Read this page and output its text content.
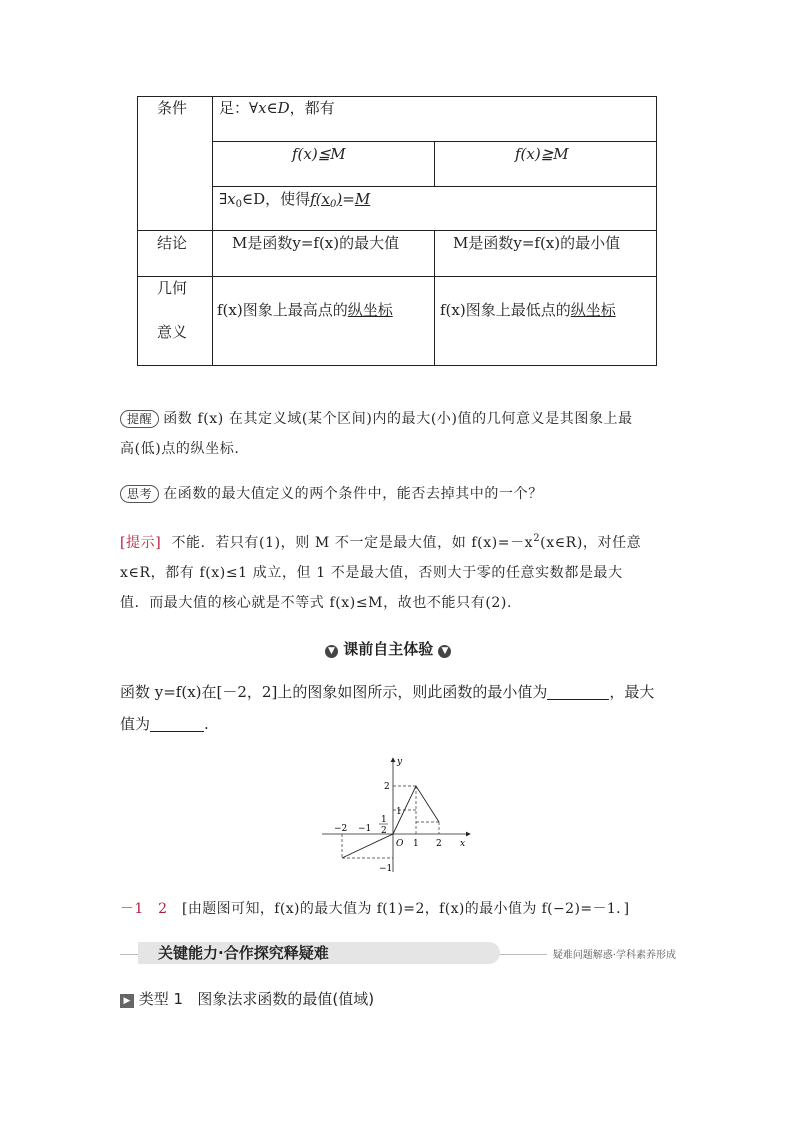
条件 足：∀x∈D，都有
f(x)≦M	f(x)≧M
$\exists x_0\in D$，使得$f(x_0)=M$
结论	M是函数y=f(x)的最大值	M是函数y=f(x)的最小值
几何
意义
f(x)图象上最高点的纵坐标	f(x)图象上最低点的纵坐标
提醒 函数 f(x) 在其定义域(某个区间)内的最大(小)值的几何意义是其图象上最
高(低)点的纵坐标.
思考 在函数的最大值定义的两个条件中，能否去掉其中的一个？
[提示] 不能．若只有(1)，则 M 不一定是最大值，如 $f(x)=-x^2(x\in R)$，对任意
x∈R，都有 f(x)≤1 成立，但 1 不是最大值，否则大于零的任意实数都是最大
值．而最大值的核心就是不等式 f(x)≤M，故也不能只有(2).
▼ 课前自主体验 ▼
函数 y=f(x)在[－2，2]上的图象如图所示，则此函数的最小值为	，最大
值为	.
x
y
O
−2 −1
1
2
1 2
2
1
−1
－1　2 [由题图可知，f(x)的最大值为 f(1)=2，f(x)的最小值为 f(−2)=－1．]
关键能力·合作探究释疑难	疑难问题解惑·学科素养形成
▶ 类型 1 图象法求函数的最值(值域)
